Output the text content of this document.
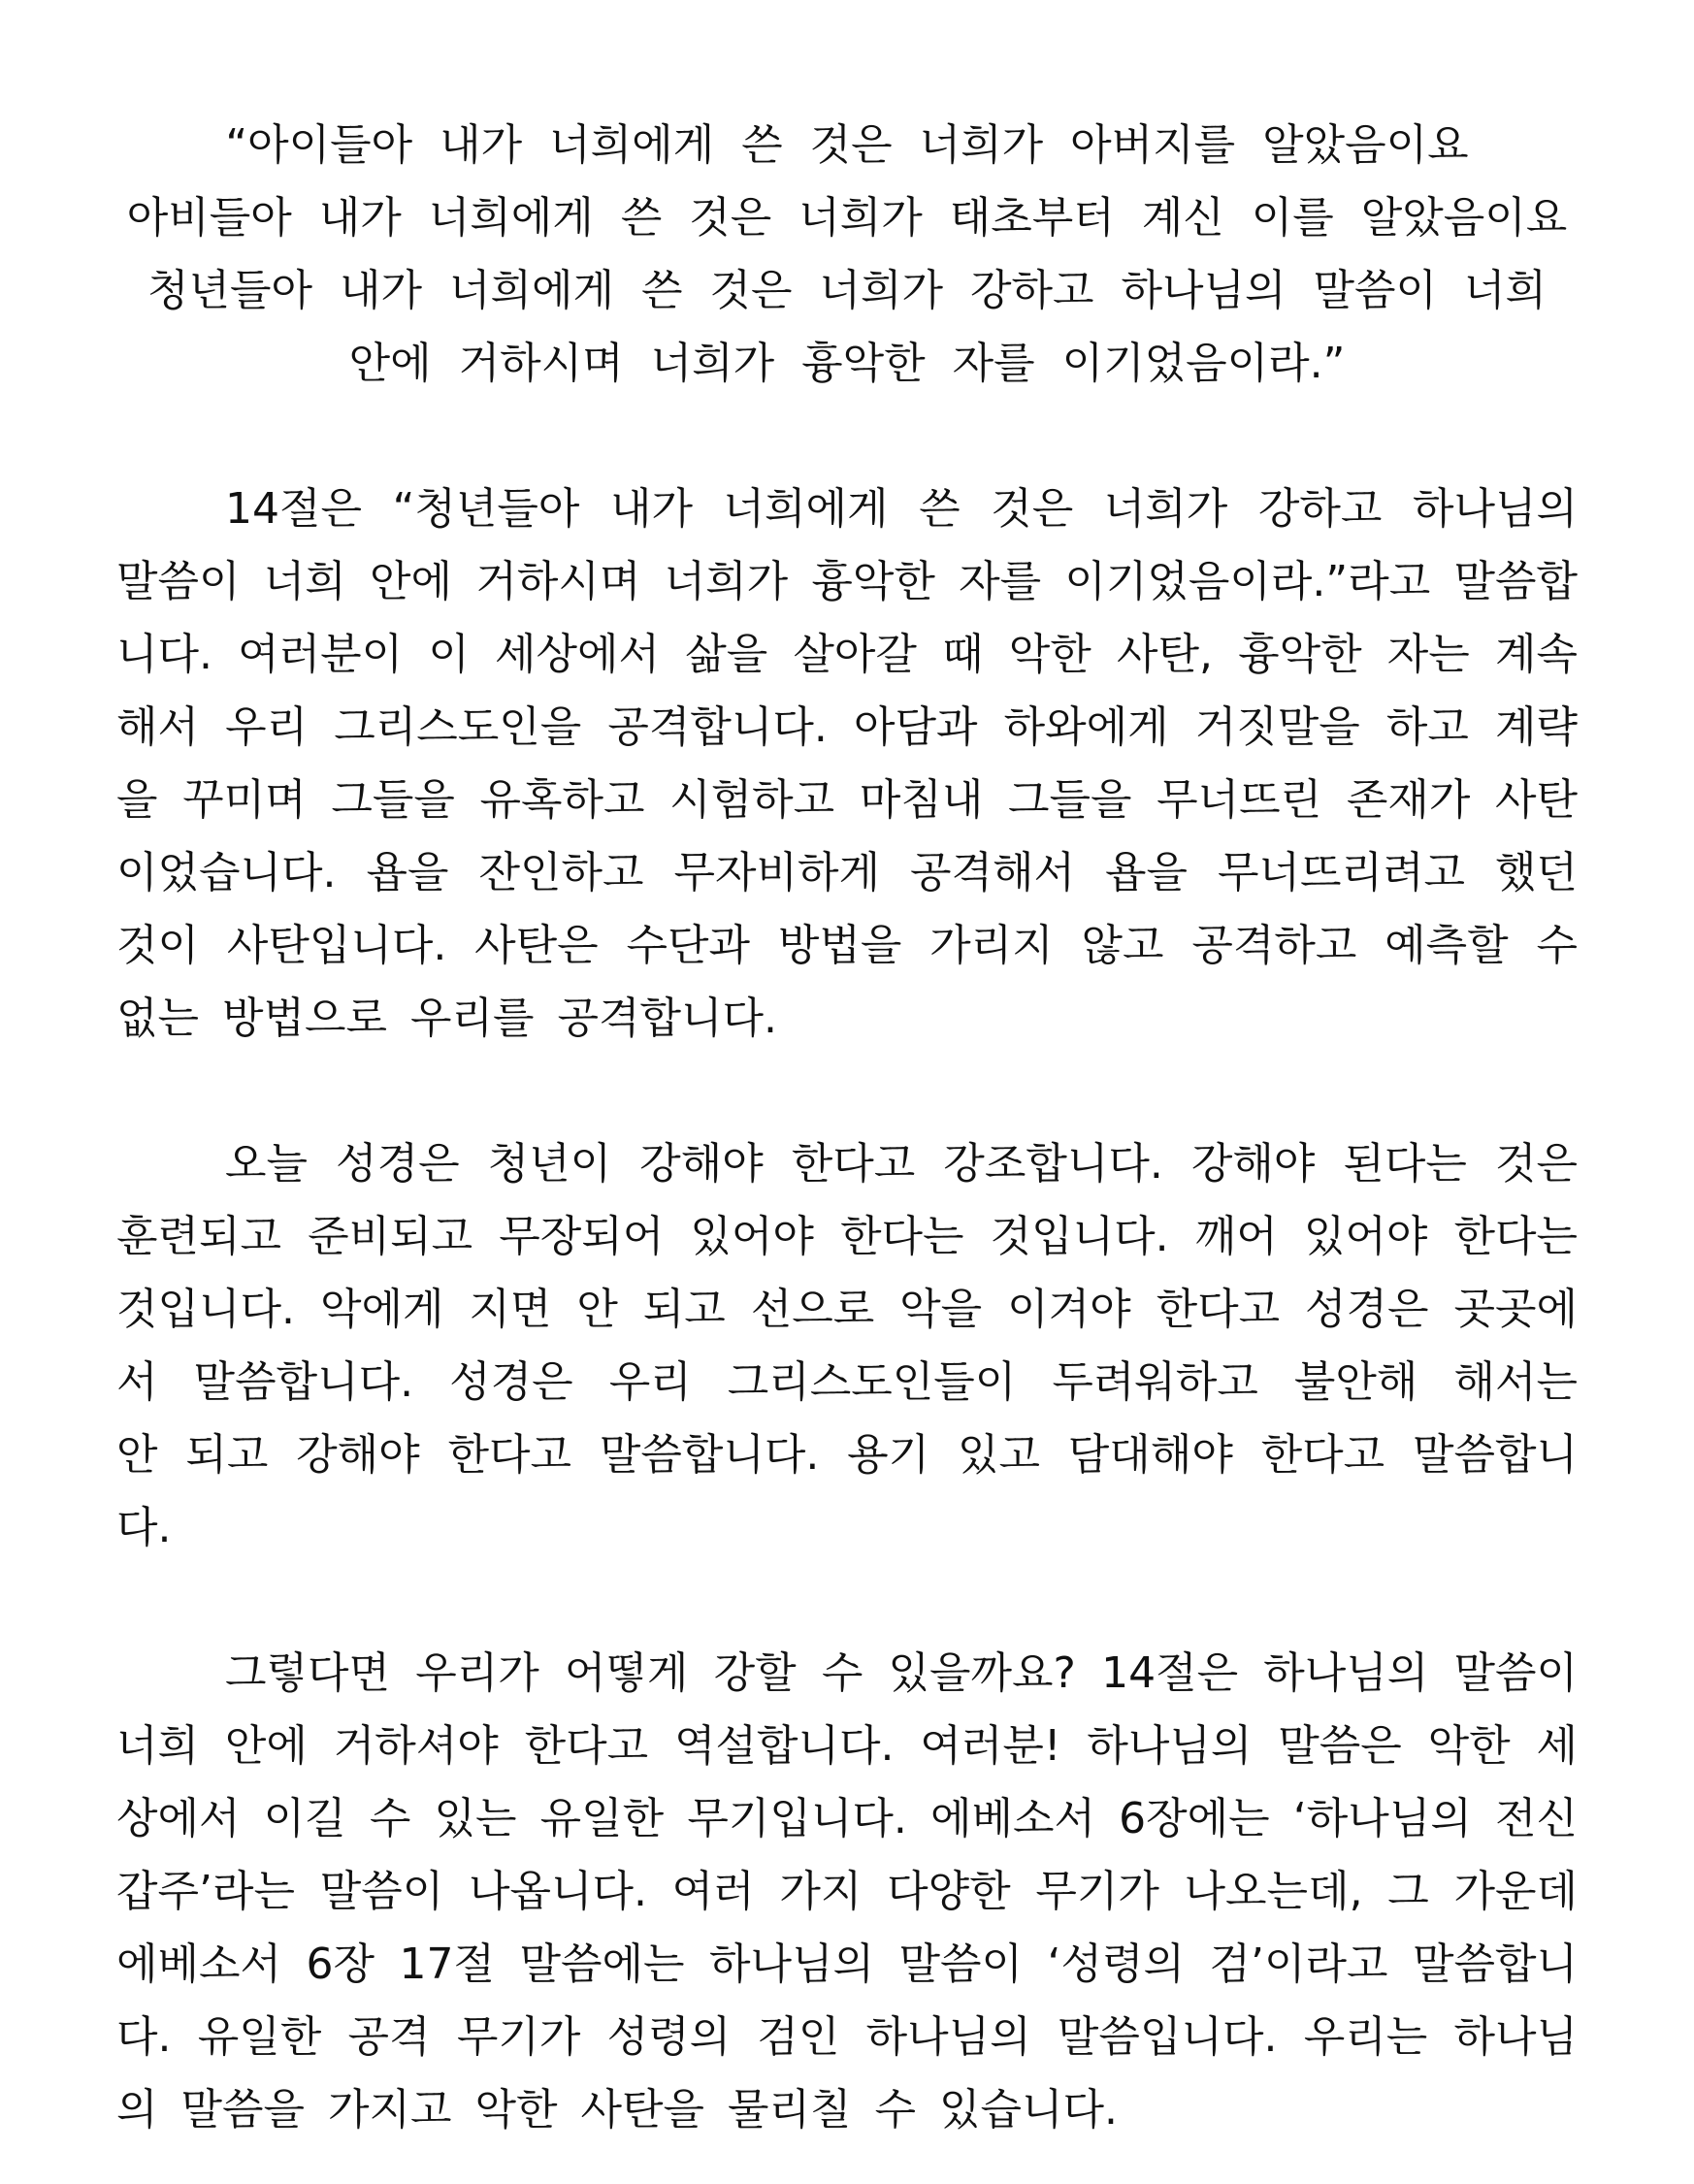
“아이들아 내가 너희에게 쓴 것은 너희가 아버지를 알았음이요
아비들아 내가 너희에게 쓴 것은 너희가 태초부터 계신 이를 알았음이요
청년들아 내가 너희에게 쓴 것은 너희가 강하고 하나님의 말씀이 너희
안에 거하시며 너희가 흉악한 자를 이기었음이라.”
14절은 “청년들아 내가 너희에게 쓴 것은 너희가 강하고 하나님의
말씀이 너희 안에 거하시며 너희가 흉악한 자를 이기었음이라.”라고 말씀합
니다. 여러분이 이 세상에서 삶을 살아갈 때 악한 사탄, 흉악한 자는 계속
해서 우리 그리스도인을 공격합니다. 아담과 하와에게 거짓말을 하고 계략
을 꾸미며 그들을 유혹하고 시험하고 마침내 그들을 무너뜨린 존재가 사탄
이었습니다. 욥을 잔인하고 무자비하게 공격해서 욥을 무너뜨리려고 했던
것이 사탄입니다. 사탄은 수단과 방법을 가리지 않고 공격하고 예측할 수
없는 방법으로 우리를 공격합니다.
오늘 성경은 청년이 강해야 한다고 강조합니다. 강해야 된다는 것은
훈련되고 준비되고 무장되어 있어야 한다는 것입니다. 깨어 있어야 한다는
것입니다. 악에게 지면 안 되고 선으로 악을 이겨야 한다고 성경은 곳곳에
서 말씀합니다. 성경은 우리 그리스도인들이 두려워하고 불안해 해서는
안 되고 강해야 한다고 말씀합니다. 용기 있고 담대해야 한다고 말씀합니
다.
그렇다면 우리가 어떻게 강할 수 있을까요? 14절은 하나님의 말씀이
너희 안에 거하셔야 한다고 역설합니다. 여러분! 하나님의 말씀은 악한 세
상에서 이길 수 있는 유일한 무기입니다. 에베소서 6장에는 ‘하나님의 전신
갑주’라는 말씀이 나옵니다. 여러 가지 다양한 무기가 나오는데, 그 가운데
에베소서 6장 17절 말씀에는 하나님의 말씀이 ‘성령의 검’이라고 말씀합니
다. 유일한 공격 무기가 성령의 검인 하나님의 말씀입니다. 우리는 하나님
의 말씀을 가지고 악한 사탄을 물리칠 수 있습니다.
